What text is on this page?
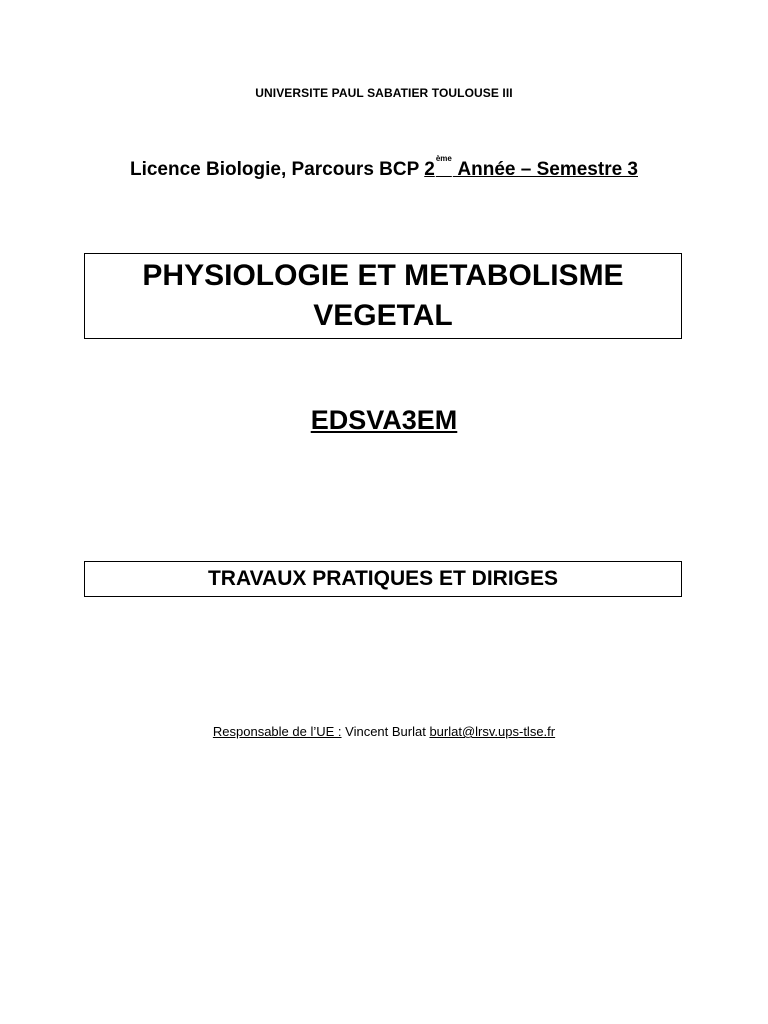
UNIVERSITE PAUL SABATIER TOULOUSE III
Licence Biologie, Parcours BCP 2ème Année – Semestre 3
PHYSIOLOGIE ET METABOLISME VEGETAL
EDSVA3EM
TRAVAUX PRATIQUES ET DIRIGES
Responsable de l’UE : Vincent Burlat burlat@lrsv.ups-tlse.fr
